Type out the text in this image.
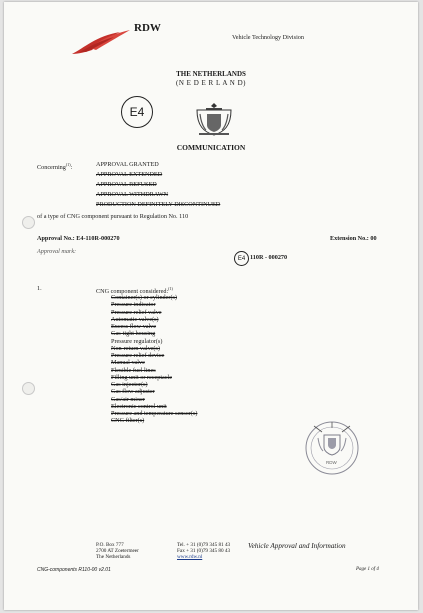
RDW
Vehicle Technology Division
THE NETHERLANDS
(N E D E R L A N D)
E4
COMMUNICATION
Concerning$^{(1)}$:	APPROVAL GRANTED
APPROVAL EXTENDED
APPROVAL REFUSED
APPROVAL WITHDRAWN
PRODUCTION DEFINITELY DISCONTINUED
of a type of CNG component pursuant to Regulation No. 110
Approval No.: E4-110R-000270	Extension No.: 00
Approval mark:
E4 110R - 000270
1.	CNG component considered:$^{(1)}$
Container(s) or cylinder(s)
Pressure indicator
Pressure relief valve
Automatic valve(s)
Excess flow valve
Gas-tight housing
Pressure regulator(s)
Non-return valve(s)
Pressure relief device
Manual valve
Flexible fuel lines
Filling unit or receptacle
Gas injector(s)
Gas flow adjuster
Gas/air mixer
Electronic control unit
Pressure and temperature sensor(s)
CNG filter(s)
RDW
P.O. Box 777
2700 AT Zoetermeer
The Netherlands
Tel. + 31 (0)79 345 81 43
Fax + 31 (0)79 345 80 43
www.rdw.nl
Vehicle Approval and Information
CNG-components R110-00 v2.01	Page 1 of 4
